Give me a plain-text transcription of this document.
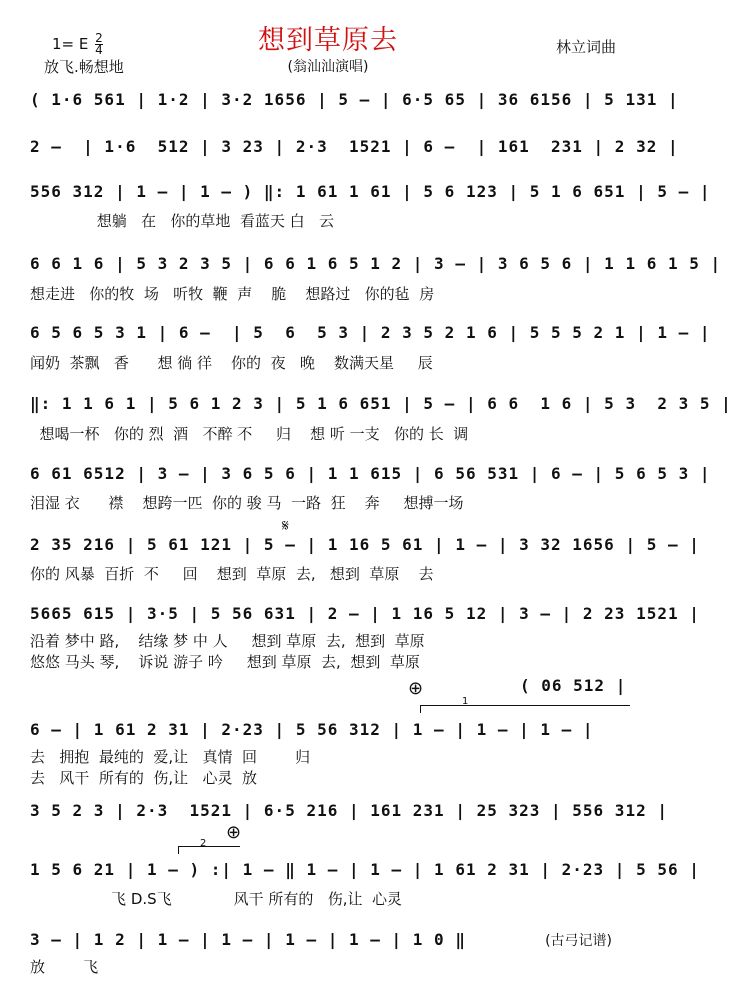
想到草原去
1= E $\frac{2}{4}$
放飞.畅想地
林立词曲
(翁汕汕演唱)
( 1·6 561 | 1·2 | 3·2 1656 | 5 – | 6·5 65 | 36 6156 | 5 131 |
2 –  | 1·6  512 | 3 23 | 2·3  1521 | 6 –  | 161  231 | 2 32 |
556 312 | 1 – | 1 – ) ‖: 1 61 1 61 | 5 6 123 | 5 1 6 651 | 5 – |
想躺   在   你的草地  看蓝天 白   云
6 6 1 6 | 5 3 2 3 5 | 6 6 1 6 5 1 2 | 3 – | 3 6 5 6 | 1 1 6 1 5 |
想走进   你的牧  场   听牧  鞭  声    脆    想路过   你的毡  房
6 5 6 5 3 1 | 6 –  | 5  6  5 3 | 2 3 5 2 1 6 | 5 5 5 2 1 | 1 – |
闻奶  茶飘   香      想 徜 徉    你的  夜   晚    数满天星     辰
‖: 1 1 6 1 | 5 6 1 2 3 | 5 1 6 651 | 5 – | 6 6  1 6 | 5 3  2 3 5 |
想喝一杯   你的 烈  酒   不醉 不     归    想 听 一支   你的 长  调
6 61 6512 | 3 – | 3 6 5 6 | 1 1 615 | 6 56 531 | 6 – | 5 6 5 3 |
泪湿 衣      襟    想跨一匹  你的 骏 马  一路  狂    奔     想搏一场
𝄋
2 35 216 | 5 61 121 | 5 – | 1 16 5 61 | 1 – | 3 32 1656 | 5 – |
你的 风暴  百折  不     回    想到  草原  去,   想到  草原    去
5665 615 | 3·5 | 5 56 631 | 2 – | 1 16 5 12 | 3 – | 2 23 1521 |
沿着 梦中 路,    结缘 梦 中 人     想到 草原  去,  想到  草原
悠悠 马头 琴,    诉说 游子 吟     想到 草原  去,  想到  草原
⊕	( 06 512 |
1
6 – | 1 61 2 31 | 2·23 | 5 56 312 | 1 – | 1 – | 1 – |
去   拥抱  最纯的  爱,让   真情  回        归
去   风干  所有的  伤,让   心灵  放
3 5 2 3 | 2·3  1521 | 6·5 216 | 161 231 | 25 323 | 556 312 |
2
⊕
1 5 6 21 | 1 – ) :| 1 – ‖ 1 – | 1 – | 1 61 2 31 | 2·23 | 5 56 |
飞 D.S飞             风干 所有的   伤,让  心灵
3 – | 1 2 | 1 – | 1 – | 1 – | 1 – | 1 0 ‖
放        飞
(古弓记谱)
